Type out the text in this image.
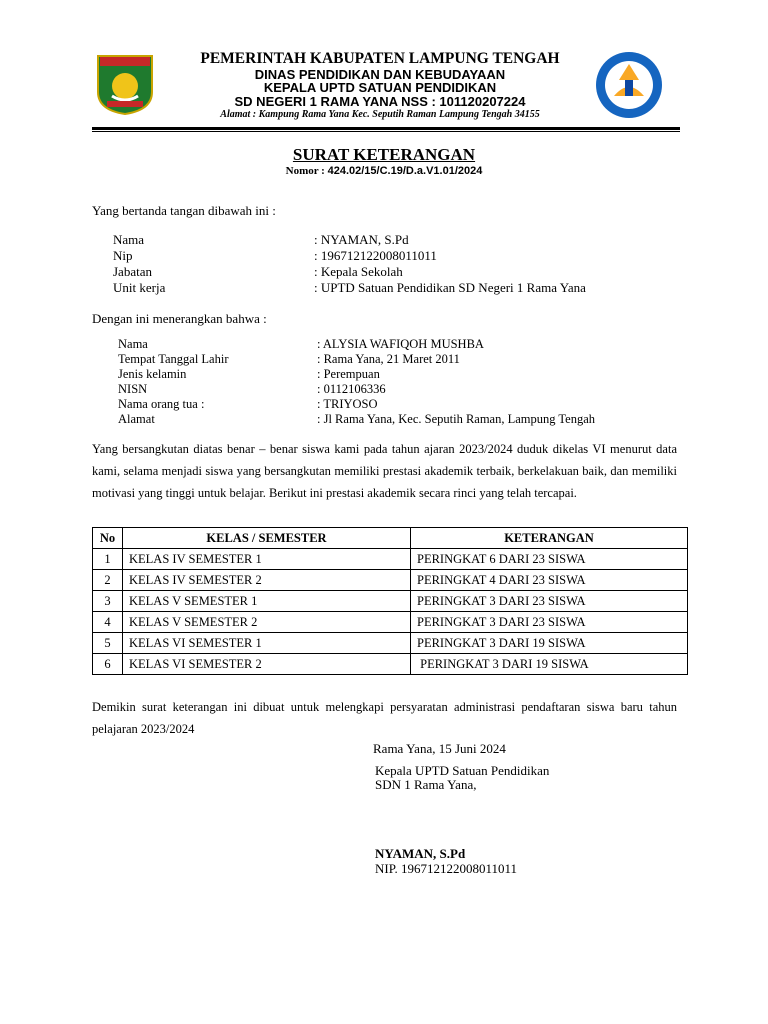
PEMERINTAH KABUPATEN LAMPUNG TENGAH
DINAS PENDIDIKAN DAN KEBUDAYAAN
KEPALA UPTD SATUAN PENDIDIKAN
SD NEGERI 1 RAMA YANA NSS : 101120207224
Alamat : Kampung Rama Yana Kec. Seputih Raman Lampung Tengah 34155
SURAT KETERANGAN
Nomor : 424.02/15/C.19/D.a.V1.01/2024
Yang bertanda tangan dibawah ini :
Nama	: NYAMAN, S.Pd
Nip	: 196712122008011011
Jabatan	: Kepala Sekolah
Unit kerja	: UPTD Satuan Pendidikan SD Negeri 1 Rama Yana
Dengan ini menerangkan bahwa :
Nama	: ALYSIA WAFIQOH MUSHBA
Tempat Tanggal Lahir	: Rama Yana, 21 Maret 2011
Jenis kelamin	: Perempuan
NISN	: 0112106336
Nama orang tua :	: TRIYOSO
Alamat	: Jl Rama Yana, Kec. Seputih Raman, Lampung Tengah
Yang bersangkutan diatas benar – benar siswa kami pada tahun ajaran 2023/2024 duduk dikelas VI menurut data kami, selama menjadi siswa yang bersangkutan memiliki prestasi akademik terbaik, berkelakuan baik, dan memiliki motivasi yang tinggi untuk belajar. Berikut ini prestasi akademik secara rinci yang telah tercapai.
No	KELAS / SEMESTER	KETERANGAN
1	KELAS IV SEMESTER 1	PERINGKAT 6 DARI 23 SISWA
2	KELAS IV SEMESTER 2	PERINGKAT 4 DARI 23 SISWA
3	KELAS V SEMESTER 1	PERINGKAT 3 DARI 23 SISWA
4	KELAS V SEMESTER 2	PERINGKAT 3 DARI 23 SISWA
5	KELAS VI SEMESTER 1	PERINGKAT 3 DARI 19 SISWA
6	KELAS VI SEMESTER 2	PERINGKAT 3 DARI 19 SISWA
Demikin surat keterangan ini dibuat untuk melengkapi persyaratan administrasi pendaftaran siswa baru tahun pelajaran 2023/2024
Rama Yana, 15 Juni 2024
Kepala UPTD Satuan Pendidikan
SDN 1 Rama Yana,
NYAMAN, S.Pd
NIP. 196712122008011011
